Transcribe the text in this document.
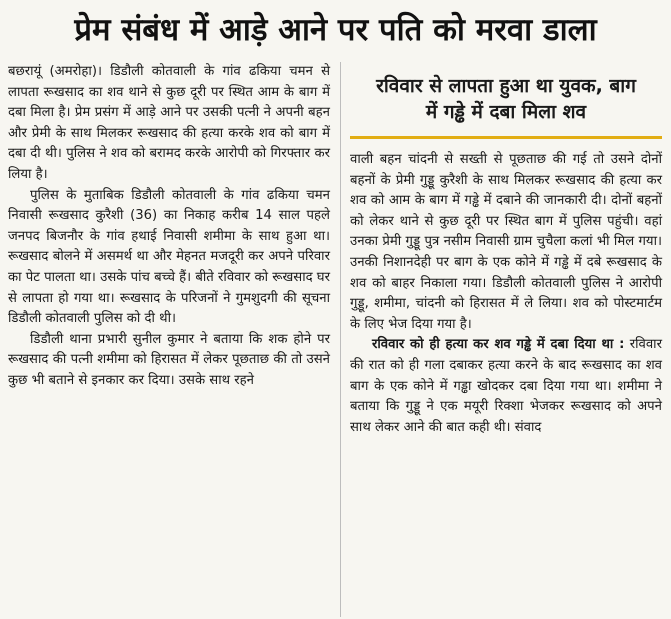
प्रेम संबंध में आड़े आने पर पति को मरवा डाला

बछरायूं (अमरोहा)। डिडौली कोतवाली के गांव ढकिया चमन से लापता रूखसाद का शव थाने से कुछ दूरी पर स्थित आम के बाग में दबा मिला है। प्रेम प्रसंग में आड़े आने पर उसकी पत्नी ने अपनी बहन और प्रेमी के साथ मिलकर रूखसाद की हत्या करके शव को बाग में दबा दी थी। पुलिस ने शव को बरामद करके आरोपी को गिरफ्तार कर लिया है।

पुलिस के मुताबिक डिडौली कोतवाली के गांव ढकिया चमन निवासी रूखसाद कुरैशी (36) का निकाह करीब 14 साल पहले जनपद बिजनौर के गांव हथाई निवासी शमीमा के साथ हुआ था। रूखसाद बोलने में असमर्थ था और मेहनत मजदूरी कर अपने परिवार का पेट पालता था। उसके पांच बच्चे हैं। बीते रविवार को रूखसाद घर से लापता हो गया था। रूखसाद के परिजनों ने गुमशुदगी की सूचना डिडौली कोतवाली पुलिस को दी थी।

डिडौली थाना प्रभारी सुनील कुमार ने बताया कि शक होने पर रूखसाद की पत्नी शमीमा को हिरासत में लेकर पूछताछ की तो उसने कुछ भी बताने से इनकार कर दिया। उसके साथ रहने

रविवार से लापता हुआ था युवक, बाग
में गड्ढे में दबा मिला शव

वाली बहन चांदनी से सख्ती से पूछताछ की गई तो उसने दोनों बहनों के प्रेमी गुड्डू कुरैशी के साथ मिलकर रूखसाद की हत्या कर शव को आम के बाग में गड्ढे में दबाने की जानकारी दी। दोनों बहनों को लेकर थाने से कुछ दूरी पर स्थित बाग में पुलिस पहुंची। वहां उनका प्रेमी गुड्डू पुत्र नसीम निवासी ग्राम चुचैला कलां भी मिल गया। उनकी निशानदेही पर बाग के एक कोने में गड्ढे में दबे रूखसाद के शव को बाहर निकाला गया। डिडौली कोतवाली पुलिस ने आरोपी गुड्डू, शमीमा, चांदनी को हिरासत में ले लिया। शव को पोस्टमार्टम के लिए भेज दिया गया है।

रविवार को ही हत्या कर शव गड्ढे में दबा दिया था : रविवार की रात को ही गला दबाकर हत्या करने के बाद रूखसाद का शव बाग के एक कोने में गड्ढा खोदकर दबा दिया गया था। शमीमा ने बताया कि गुड्डू ने एक मयूरी रिक्शा भेजकर रूखसाद को अपने साथ लेकर आने की बात कही थी। संवाद
